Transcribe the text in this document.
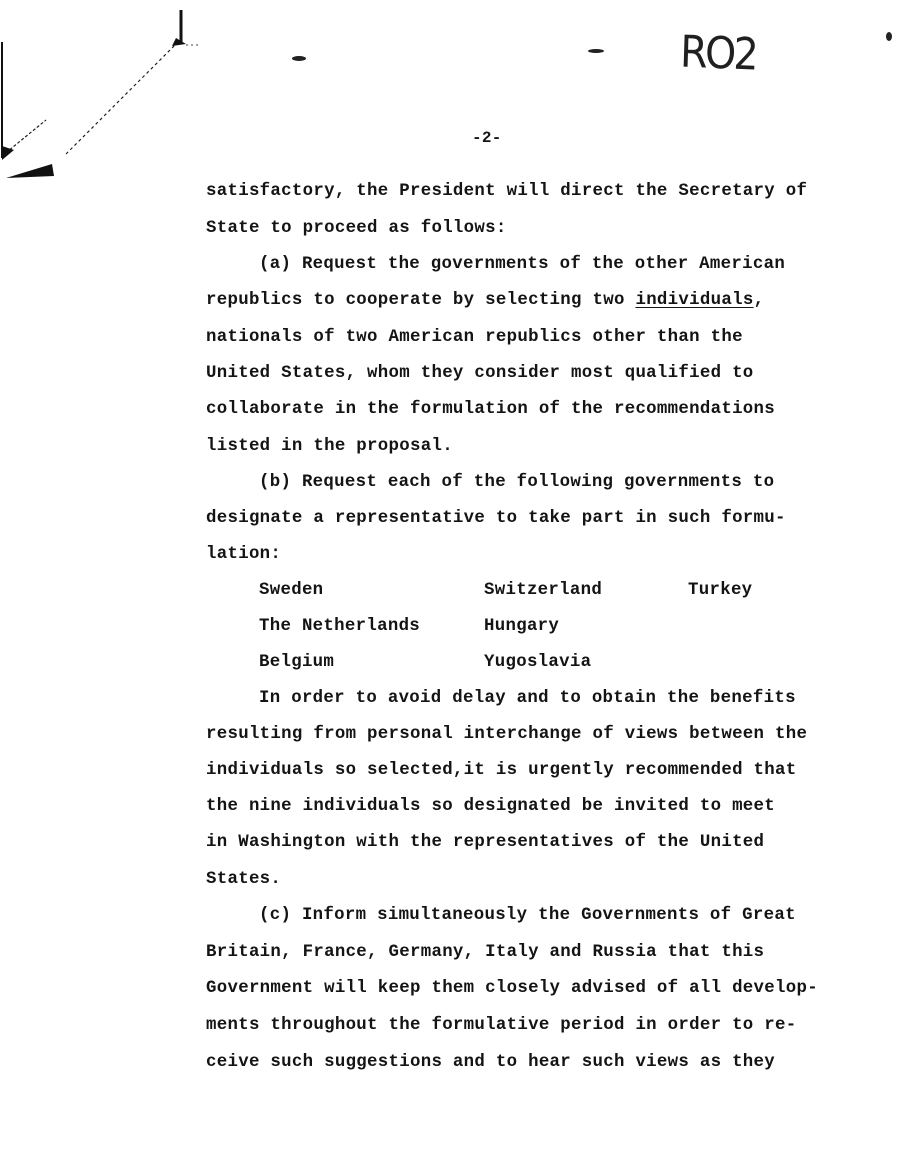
RO2
-2-
satisfactory, the President will direct the Secretary of
State to proceed as follows:
(a) Request the governments of the other American
republics to cooperate by selecting two individuals,
nationals of two American republics other than the
United States, whom they consider most qualified to
collaborate in the formulation of the recommendations
listed in the proposal.
(b) Request each of the following governments to
designate a representative to take part in such formu-
lation:
Sweden	Switzerland	Turkey
The Netherlands	Hungary
Belgium	Yugoslavia
In order to avoid delay and to obtain the benefits
resulting from personal interchange of views between the
individuals so selected,it is urgently recommended that
the nine individuals so designated be invited to meet
in Washington with the representatives of the United
States.
(c) Inform simultaneously the Governments of Great
Britain, France, Germany, Italy and Russia that this
Government will keep them closely advised of all develop-
ments throughout the formulative period in order to re-
ceive such suggestions and to hear such views as they
